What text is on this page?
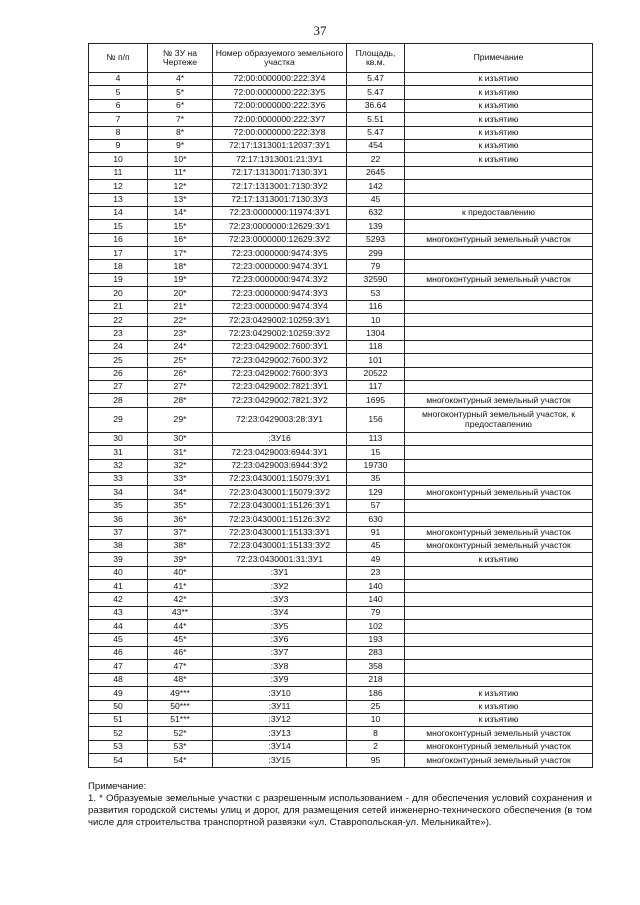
37
№ п/п	№ ЗУ на Чертеже	Номер образуемого земельного участка	Площадь, кв.м.	Примечание
4	4*	72:00:0000000:222:ЗУ4	5.47	к изъятию
5	5*	72:00:0000000:222:ЗУ5	5.47	к изъятию
6	6*	72:00:0000000:222:ЗУ6	36.64	к изъятию
7	7*	72:00:0000000:222:ЗУ7	5.51	к изъятию
8	8*	72:00:0000000:222:ЗУ8	5.47	к изъятию
9	9*	72:17:1313001:12037:ЗУ1	454	к изъятию
10	10*	72:17:1313001:21:ЗУ1	22	к изъятию
11	11*	72:17:1313001:7130:ЗУ1	2645	
12	12*	72:17:1313001:7130:ЗУ2	142	
13	13*	72:17:1313001:7130:ЗУ3	45	
14	14*	72:23:0000000:11974:ЗУ1	632	к предоставлению
15	15*	72:23:0000000:12629:ЗУ1	139	
16	16*	72:23:0000000:12629:ЗУ2	5293	многоконтурный земельный участок
17	17*	72:23:0000000:9474:ЗУ5	299	
18	18*	72:23:0000000:9474:ЗУ1	79	
19	19*	72:23:0000000:9474:ЗУ2	32590	многоконтурный земельный участок
20	20*	72:23:0000000:9474:ЗУ3	53	
21	21*	72:23:0000000:9474:ЗУ4	116	
22	22*	72:23:0429002:10259:ЗУ1	10	
23	23*	72:23:0429002:10259:ЗУ2	1304	
24	24*	72:23:0429002:7600:ЗУ1	118	
25	25*	72:23:0429002:7600:ЗУ2	101	
26	26*	72:23:0429002:7600:ЗУ3	20522	
27	27*	72:23:0429002:7821:ЗУ1	117	
28	28*	72:23:0429002:7821:ЗУ2	1695	многоконтурный земельный участок
29	29*	72:23:0429003:28:ЗУ1	156	многоконтурный земельный участок, к предоставлению
30	30*	:ЗУ16	113	
31	31*	72:23:0429003:6944:ЗУ1	15	
32	32*	72:23:0429003:6944:ЗУ2	19730	
33	33*	72:23:0430001:15079:ЗУ1	35	
34	34*	72:23:0430001:15079:ЗУ2	129	многоконтурный земельный участок
35	35*	72:23:0430001:15126:ЗУ1	57	
36	36*	72:23:0430001:15126:ЗУ2	630	
37	37*	72:23:0430001:15133:ЗУ1	91	многоконтурный земельный участок
38	38*	72:23:0430001:15133:ЗУ2	45	многоконтурный земельный участок
39	39*	72:23:0430001:31:ЗУ1	49	к изъятию
40	40*	:ЗУ1	23	
41	41*	:ЗУ2	140	
42	42*	:ЗУ3	140	
43	43**	:ЗУ4	79	
44	44*	:ЗУ5	102	
45	45*	:ЗУ6	193	
46	46*	:ЗУ7	283	
47	47*	:ЗУ8	358	
48	48*	:ЗУ9	218	
49	49***	:ЗУ10	186	к изъятию
50	50***	:ЗУ11	25	к изъятию
51	51***	:ЗУ12	10	к изъятию
52	52*	:ЗУ13	8	многоконтурный земельный участок
53	53*	:ЗУ14	2	многоконтурный земельный участок
54	54*	:ЗУ15	95	многоконтурный земельный участок

Примечание:

1. * Образуемые земельные участки с разрешенным использованием - для обеспечения условий сохранения и развития городской системы улиц и дорог, для размещения сетей инженерно-технического обеспечения (в том числе для строительства транспортной развязки «ул. Ставропольская-ул. Мельникайте»).
